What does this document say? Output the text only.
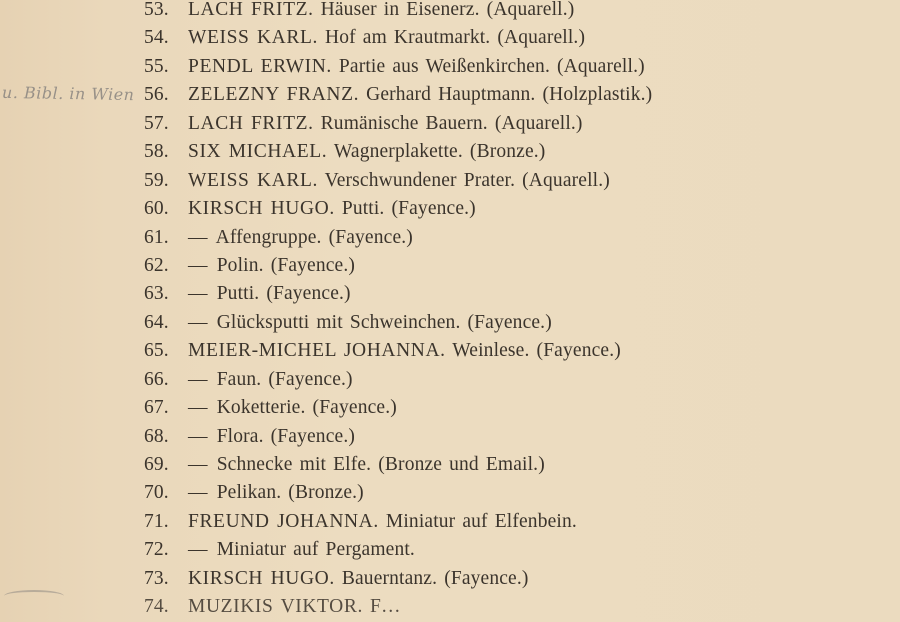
u. Bibl. in Wien
53. LACH FRITZ. Häuser in Eisenerz. (Aquarell.)
54. WEISS KARL. Hof am Krautmarkt. (Aquarell.)
55. PENDL ERWIN. Partie aus Weißenkirchen. (Aquarell.)
56. ZELEZNY FRANZ. Gerhard Hauptmann. (Holzplastik.)
57. LACH FRITZ. Rumänische Bauern. (Aquarell.)
58. SIX MICHAEL. Wagnerplakette. (Bronze.)
59. WEISS KARL. Verschwundener Prater. (Aquarell.)
60. KIRSCH HUGO. Putti. (Fayence.)
61. — Affengruppe. (Fayence.)
62. — Polin. (Fayence.)
63. — Putti. (Fayence.)
64. — Glücksputti mit Schweinchen. (Fayence.)
65. MEIER-MICHEL JOHANNA. Weinlese. (Fayence.)
66. — Faun. (Fayence.)
67. — Koketterie. (Fayence.)
68. — Flora. (Fayence.)
69. — Schnecke mit Elfe. (Bronze und Email.)
70. — Pelikan. (Bronze.)
71. FREUND JOHANNA. Miniatur auf Elfenbein.
72. — Miniatur auf Pergament.
73. KIRSCH HUGO. Bauerntanz. (Fayence.)
74. MUZIKIS VIKTOR. F…
